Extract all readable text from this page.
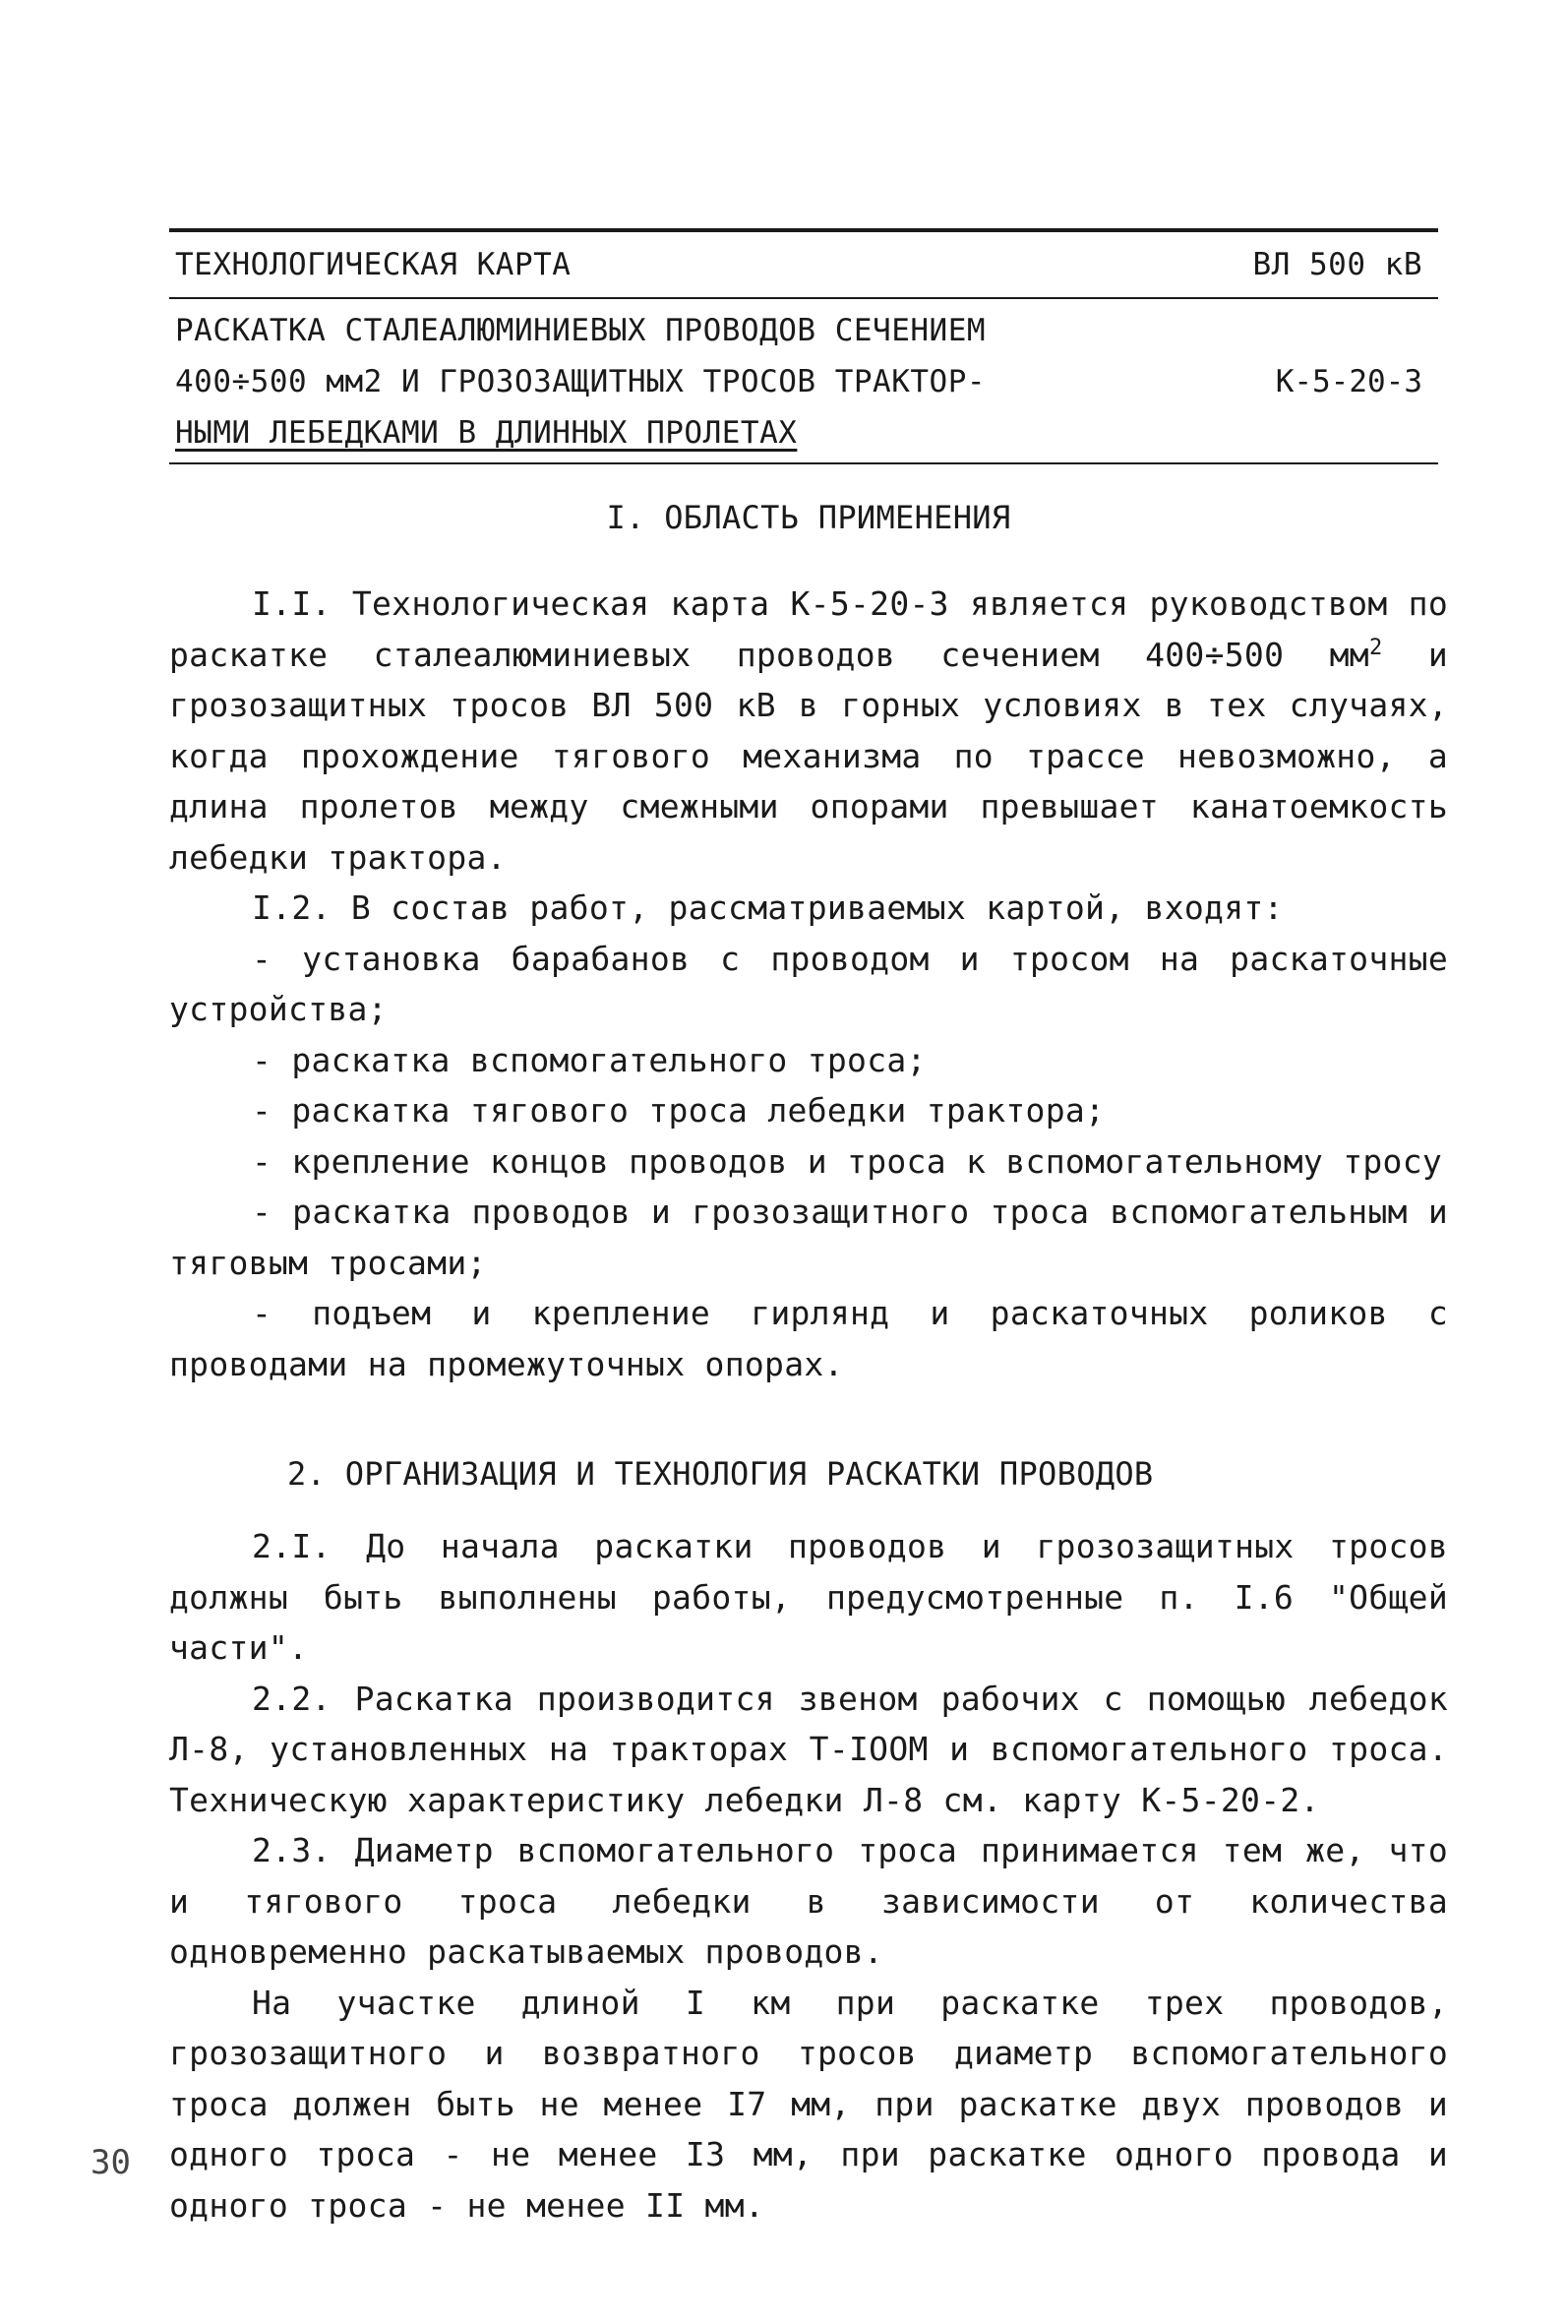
ТЕХНОЛОГИЧЕСКАЯ КАРТА	ВЛ 500 кВ
РАСКАТКА СТАЛЕАЛЮМИНИЕВЫХ ПРОВОДОВ СЕЧЕНИЕМ
400÷500 мм2 И ГРОЗОЗАЩИТНЫХ ТРОСОВ ТРАКТОР-
НЫМИ ЛЕБЕДКАМИ В ДЛИННЫХ ПРОЛЕТАХ
К-5-20-3
I. ОБЛАСТЬ ПРИМЕНЕНИЯ

I.I. Технологическая карта К-5-20-3 является руководством по раскатке сталеалюминиевых проводов сечением 400÷500 $мм^2$ и грозозащитных тросов ВЛ 500 кВ в горных условиях в тех случаях, когда прохождение тягового механизма по трассе невозможно, а длина пролетов между смежными опорами превышает канатоемкость лебедки трактора.

I.2. В состав работ, рассматриваемых картой, входят:

- установка барабанов с проводом и тросом на раскаточные устройства;

- раскатка вспомогательного троса;

- раскатка тягового троса лебедки трактора;

- крепление концов проводов и троса к вспомогательному тросу

- раскатка проводов и грозозащитного троса вспомогательным и тяговым тросами;

- подъем и крепление гирлянд и раскаточных роликов с проводами на промежуточных опорах.

2. ОРГАНИЗАЦИЯ И ТЕХНОЛОГИЯ РАСКАТКИ ПРОВОДОВ

2.I. До начала раскатки проводов и грозозащитных тросов должны быть выполнены работы, предусмотренные п. I.6 "Общей части".

2.2. Раскатка производится звеном рабочих с помощью лебедок Л-8, установленных на тракторах Т-IOOM и вспомогательного троса. Техническую характеристику лебедки Л-8 см. карту К-5-20-2.

2.3. Диаметр вспомогательного троса принимается тем же, что и тягового троса лебедки в зависимости от количества одновременно раскатываемых проводов.

На участке длиной I км при раскатке трех проводов, грозозащитного и возвратного тросов диаметр вспомогательного троса должен быть не менее I7 мм, при раскатке двух проводов и одного троса - не менее I3 мм, при раскатке одного провода и одного троса - не менее II мм.

30
